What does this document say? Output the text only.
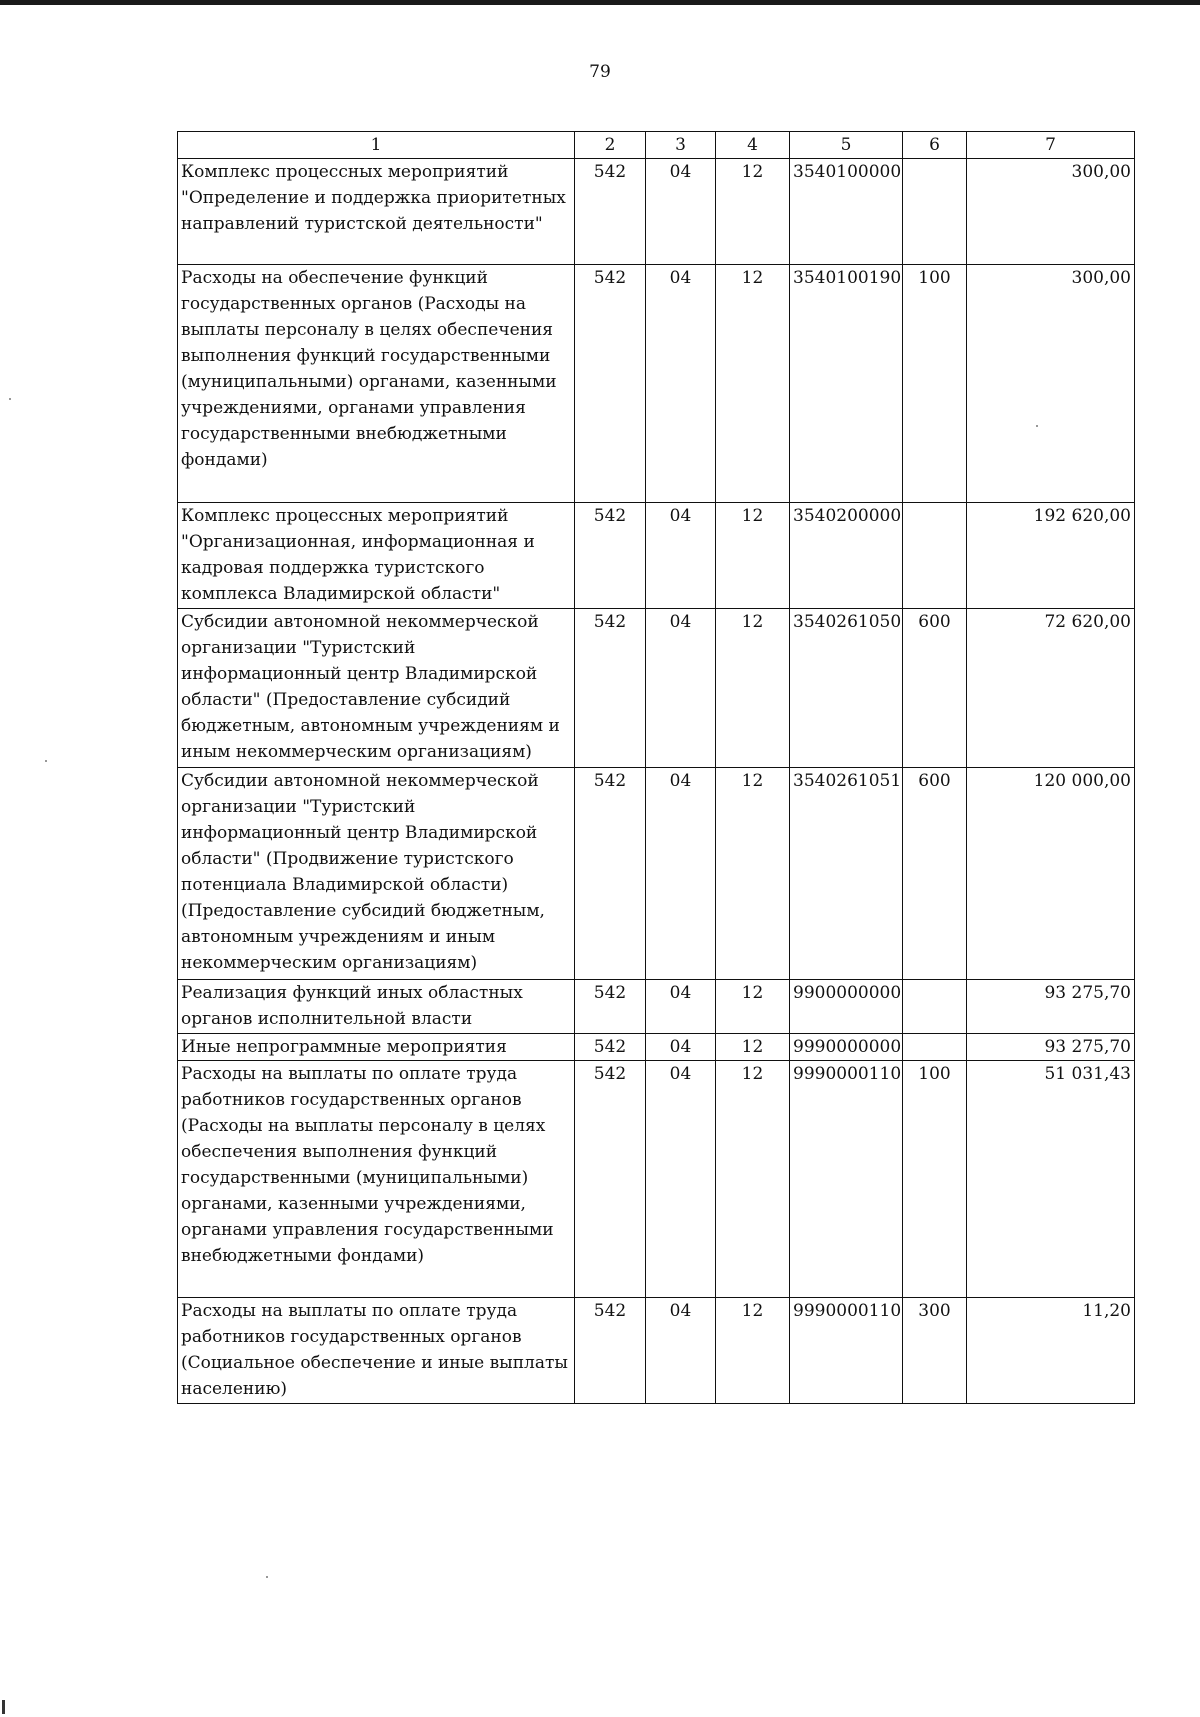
79
1	2	3	4	5	6	7
Комплекс процессных мероприятий "Определение и поддержка приоритетных направлений туристской деятельности"	542	04	12	3540100000		300,00
Расходы на обеспечение функций государственных органов (Расходы на выплаты персоналу в целях обеспечения выполнения функций государственными (муниципальными) органами, казенными учреждениями, органами управления государственными внебюджетными фондами)	542	04	12	3540100190	100	300,00
Комплекс процессных мероприятий "Организационная, информационная и кадровая поддержка туристского комплекса Владимирской области"	542	04	12	3540200000		192 620,00
Субсидии автономной некоммерческой организации "Туристский информационный центр Владимирской области" (Предоставление субсидий бюджетным, автономным учреждениям и иным некоммерческим организациям)	542	04	12	3540261050	600	72 620,00
Субсидии автономной некоммерческой организации "Туристский информационный центр Владимирской области" (Продвижение туристского потенциала Владимирской области) (Предоставление субсидий бюджетным, автономным учреждениям и иным некоммерческим организациям)	542	04	12	3540261051	600	120 000,00
Реализация функций иных областных органов исполнительной власти	542	04	12	9900000000		93 275,70
Иные непрограммные мероприятия	542	04	12	9990000000		93 275,70
Расходы на выплаты по оплате труда работников государственных органов (Расходы на выплаты персоналу в целях обеспечения выполнения функций государственными (муниципальными) органами, казенными учреждениями, органами управления государственными внебюджетными фондами)	542	04	12	9990000110	100	51 031,43
Расходы на выплаты по оплате труда работников государственных органов (Социальное обеспечение и иные выплаты населению)	542	04	12	9990000110	300	11,20
